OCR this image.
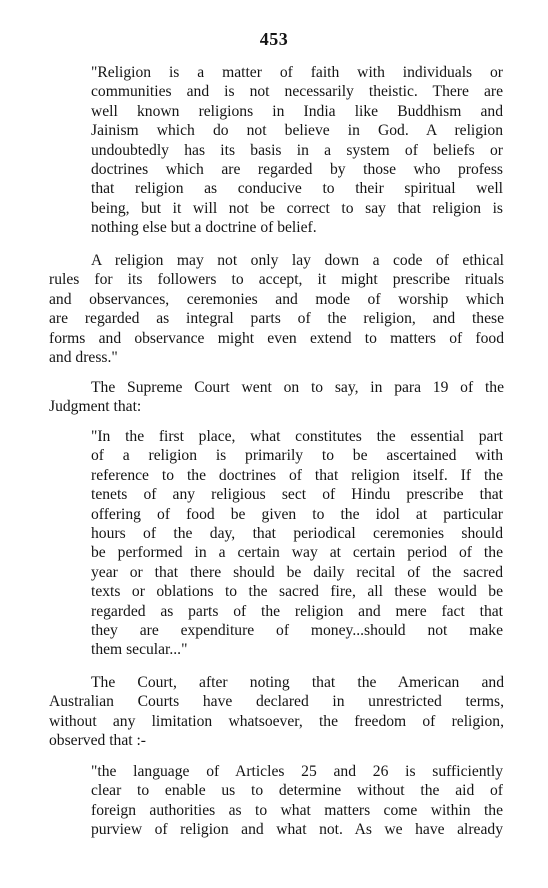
453
"Religion is a matter of faith with individuals or
communities and is not necessarily theistic. There are
well known religions in India like Buddhism and
Jainism which do not believe in God. A religion
undoubtedly has its basis in a system of beliefs or
doctrines which are regarded by those who profess
that religion as conducive to their spiritual well
being, but it will not be correct to say that religion is
nothing else but a doctrine of belief.
A religion may not only lay down a code of ethical
rules for its followers to accept, it might prescribe rituals
and observances, ceremonies and mode of worship which
are regarded as integral parts of the religion, and these
forms and observance might even extend to matters of food
and dress."
The Supreme Court went on to say, in para 19 of the
Judgment that:
"In the first place, what constitutes the essential part
of a religion is primarily to be ascertained with
reference to the doctrines of that religion itself. If the
tenets of any religious sect of Hindu prescribe that
offering of food be given to the idol at particular
hours of the day, that periodical ceremonies should
be performed in a certain way at certain period of the
year or that there should be daily recital of the sacred
texts or oblations to the sacred fire, all these would be
regarded as parts of the religion and mere fact that
they are expenditure of money...should not make
them secular..."
The Court, after noting that the American and
Australian Courts have declared in unrestricted terms,
without any limitation whatsoever, the freedom of religion,
observed that :-
"the language of Articles 25 and 26 is sufficiently
clear to enable us to determine without the aid of
foreign authorities as to what matters come within the
purview of religion and what not. As we have already
